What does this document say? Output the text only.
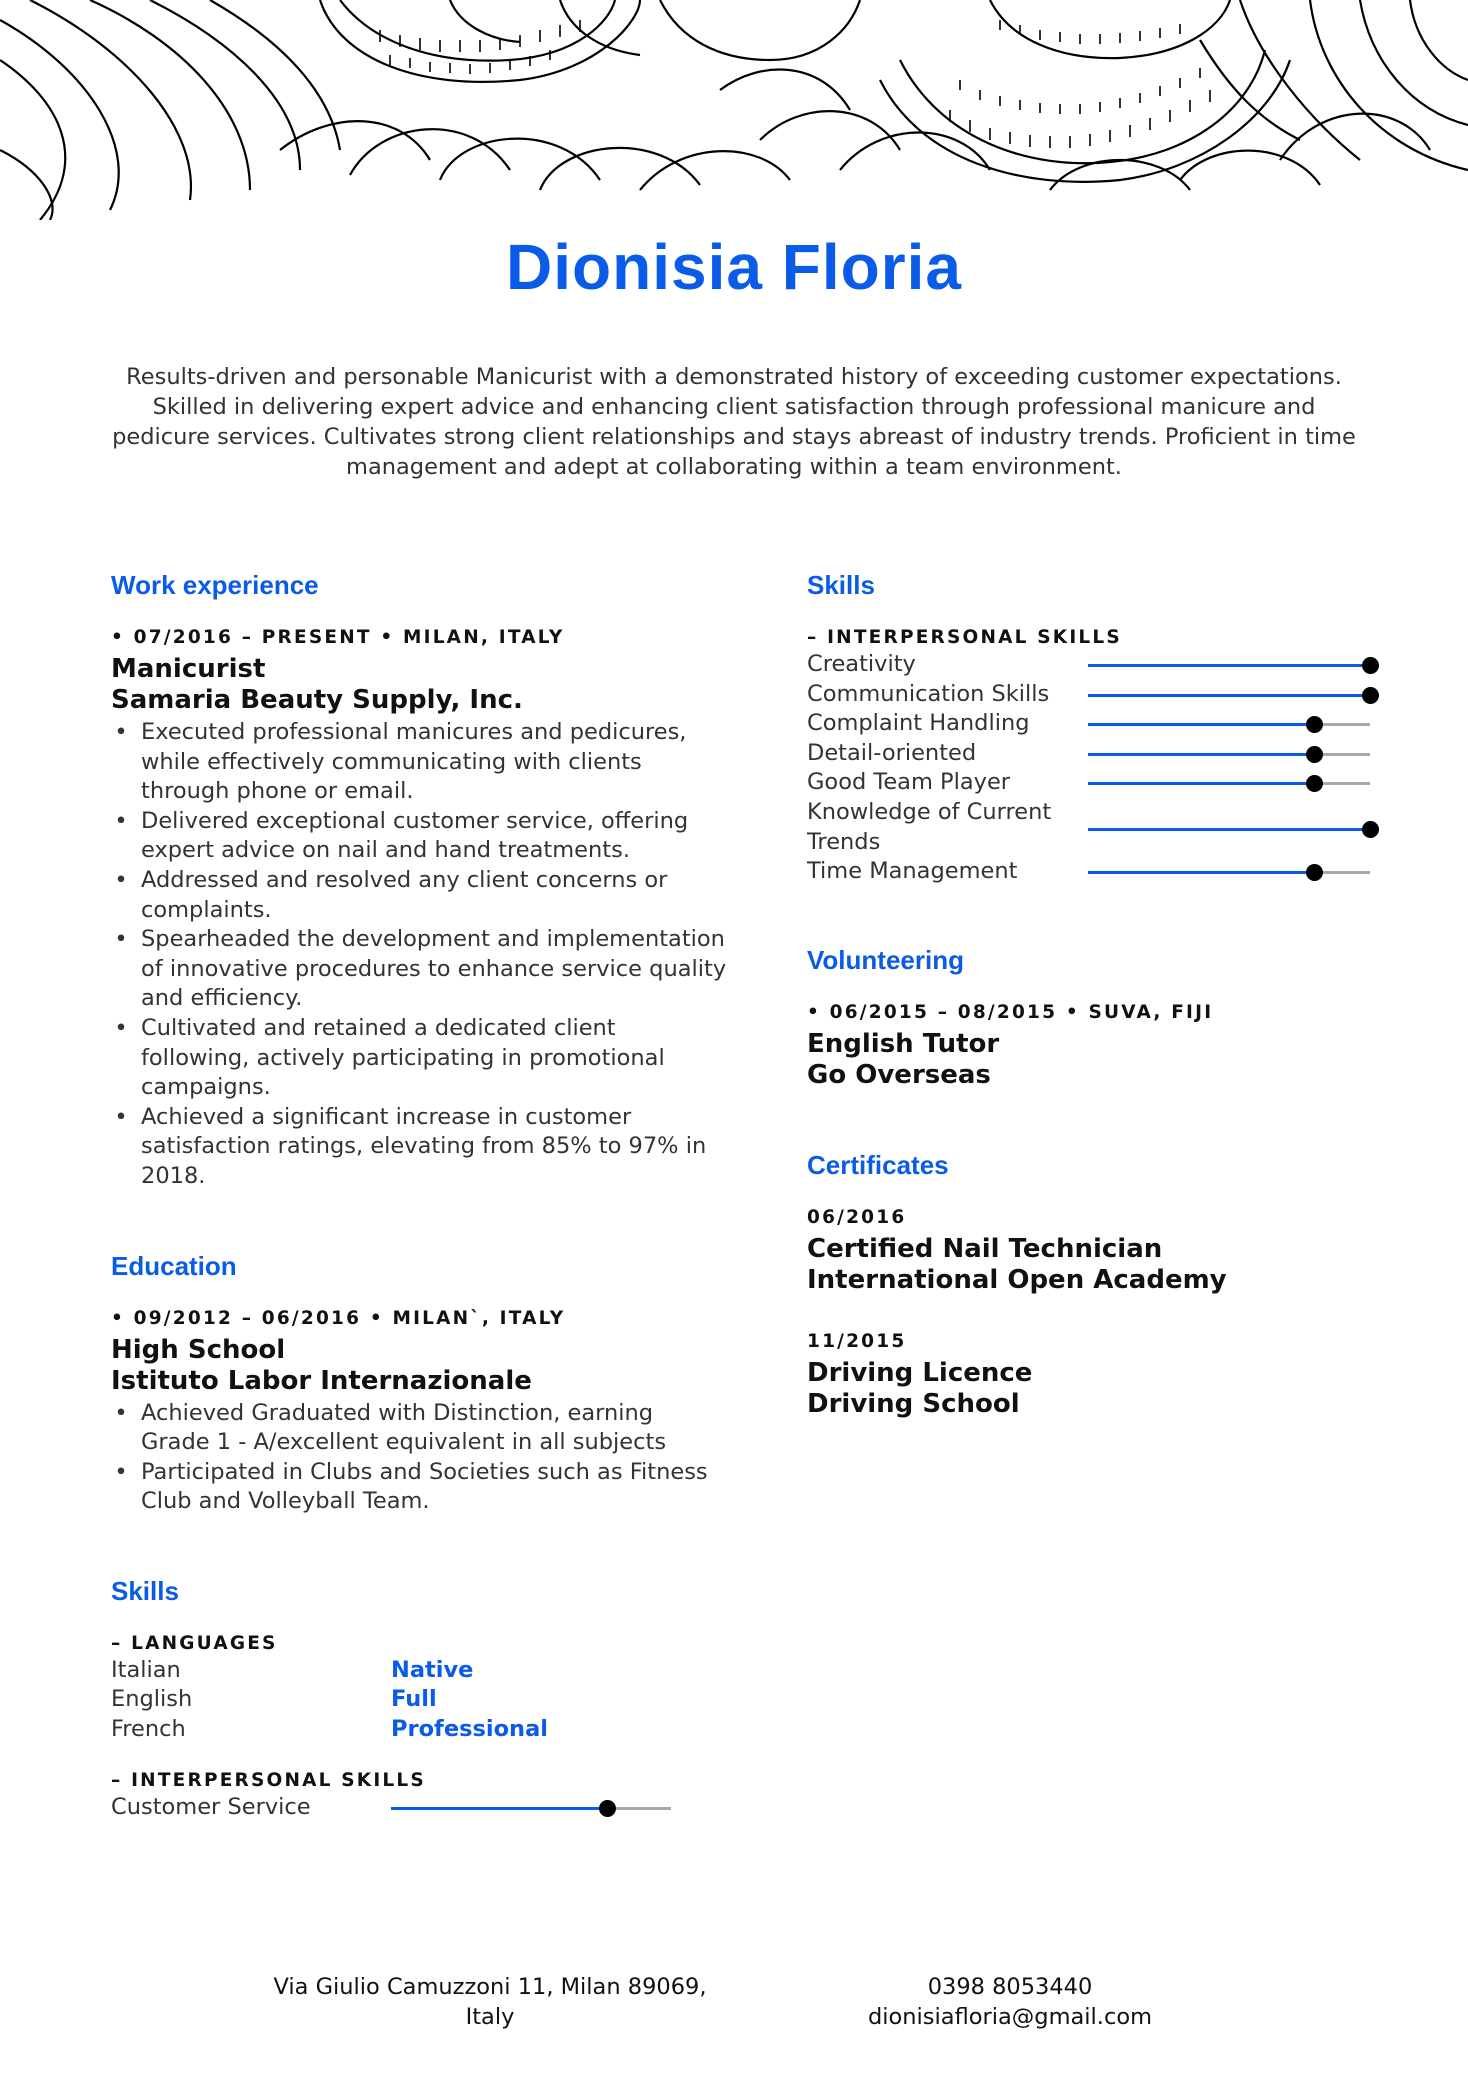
Dionisia Floria
Results-driven and personable Manicurist with a demonstrated history of exceeding customer expectations. Skilled in delivering expert advice and enhancing client satisfaction through professional manicure and pedicure services. Cultivates strong client relationships and stays abreast of industry trends. Proficient in time management and adept at collaborating within a team environment.
Work experience
• 07/2016 – PRESENT • MILAN, ITALY
Manicurist
Samaria Beauty Supply, Inc.
• Executed professional manicures and pedicures, while effectively communicating with clients through phone or email.
• Delivered exceptional customer service, offering expert advice on nail and hand treatments.
• Addressed and resolved any client concerns or complaints.
• Spearheaded the development and implementation of innovative procedures to enhance service quality and efficiency.
• Cultivated and retained a dedicated client following, actively participating in promotional campaigns.
• Achieved a significant increase in customer satisfaction ratings, elevating from 85% to 97% in 2018.
Education
• 09/2012 – 06/2016 • MILAN`, ITALY
High School
Istituto Labor Internazionale
• Achieved Graduated with Distinction, earning Grade 1 - A/excellent equivalent in all subjects
• Participated in Clubs and Societies such as Fitness Club and Volleyball Team.
Skills
– LANGUAGES
Italian	Native
English	Full
French	Professional
– INTERPERSONAL SKILLS
Customer Service
Skills
– INTERPERSONAL SKILLS
Creativity
Communication Skills
Complaint Handling
Detail-oriented
Good Team Player
Knowledge of Current Trends
Time Management
Volunteering
• 06/2015 – 08/2015 • SUVA, FIJI
English Tutor
Go Overseas
Certificates
06/2016
Certified Nail Technician
International Open Academy
11/2015
Driving Licence
Driving School
Via Giulio Camuzzoni 11, Milan 89069, Italy
0398 8053440
dionisiafloria@gmail.com
